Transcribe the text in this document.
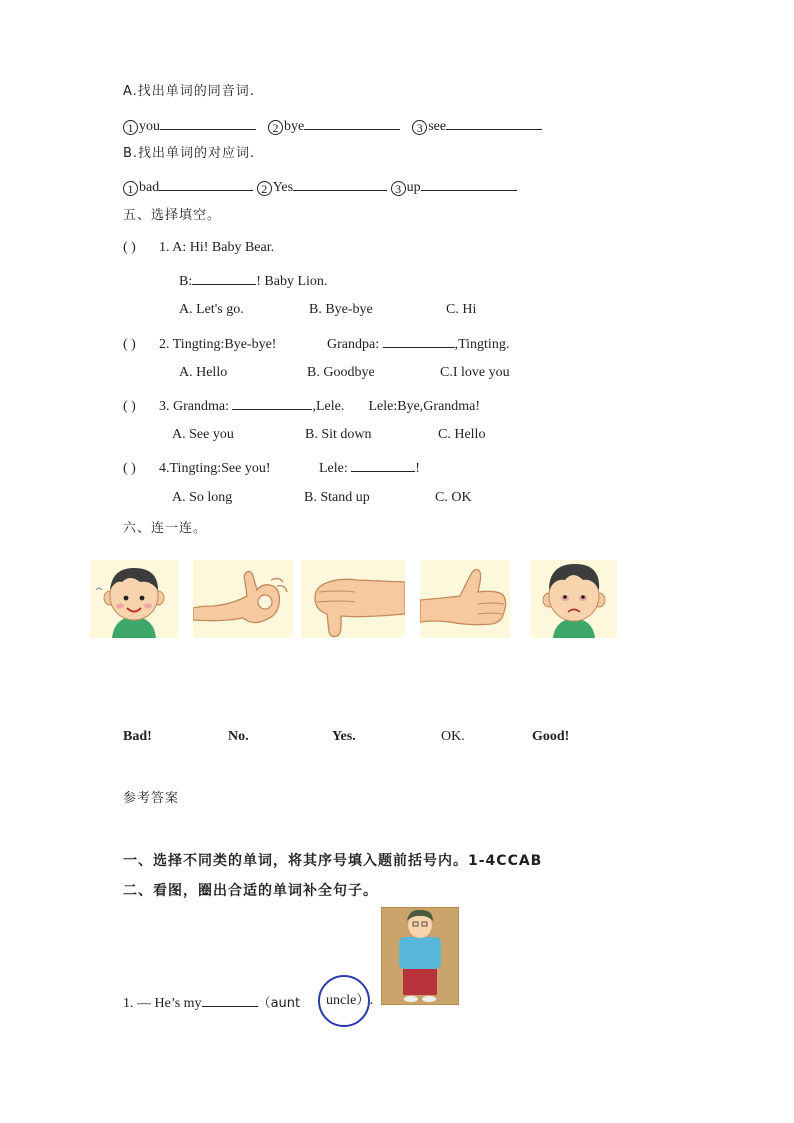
A.找出单词的同音词.
1 you	2 bye	3 see
B.找出单词的对应词.
1 bad	2 Yes	3 up
五、选择填空。
( ) 1. A: Hi! Baby Bear.
B:	! Baby Lion.
A. Let's go.	B. Bye-bye	C. Hi
( ) 2. Tingting:Bye-bye!	Grandpa:	,Tingting.
A. Hello	B. Goodbye	C.I love you
( ) 3. Grandma:	,Lele. Lele:Bye,Grandma!
A. See you	B. Sit down	C. Hello
( ) 4.Tingting:See you!	Lele:	!
A. So long	B. Stand up	C. OK
六、连一连。
Bad!	No.	Yes.	OK.	Good!
参考答案
一、选择不同类的单词，将其序号填入题前括号内。1-4CCAB
二、看图，圈出合适的单词补全句子。
1. — He’s my	（aunt uncle）.
